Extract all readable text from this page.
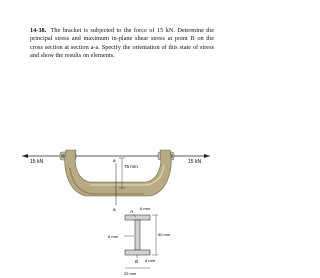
14-38. The bracket is subjected to the force of 15 kN. Determine the principal stress and maximum in-plane shear stress at point B on the cross section at section a-a. Specify the orientation of this state of stress and show the results on elements.
15 kN	15 kN
a
a
75 mm
A
B
6 mm
50 mm
6 mm
6 mm
25 mm
